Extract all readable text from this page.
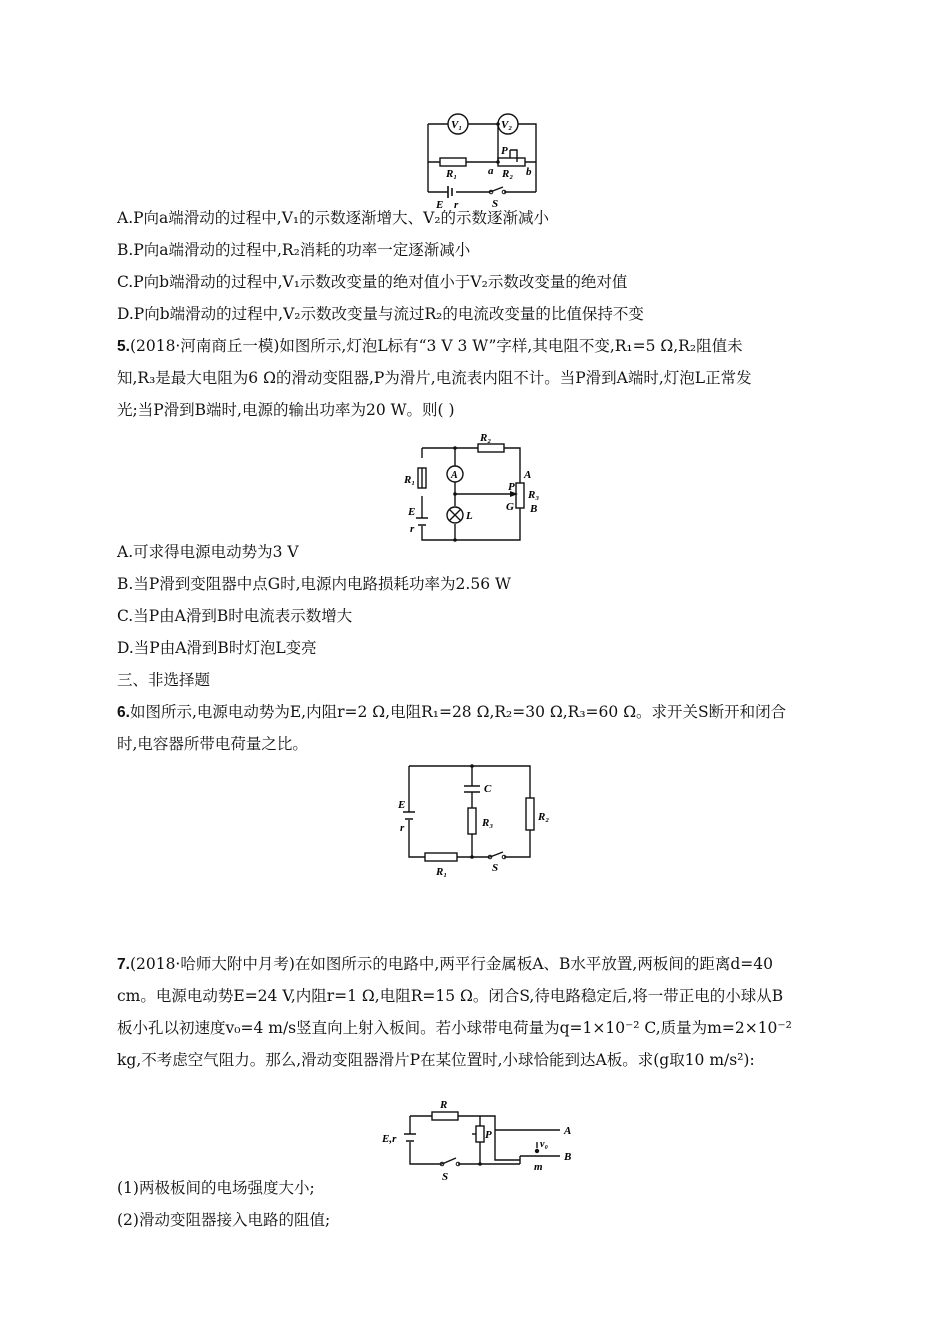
V₁	V₂
R₁	a R₂ b
P
E r	S
A.P向a端滑动的过程中,V₁的示数逐渐增大、V₂的示数逐渐减小
B.P向a端滑动的过程中,R₂消耗的功率一定逐渐减小
C.P向b端滑动的过程中,V₁示数改变量的绝对值小于V₂示数改变量的绝对值
D.P向b端滑动的过程中,V₂示数改变量与流过R₂的电流改变量的比值保持不变
5.(2018·河南商丘一模)如图所示,灯泡L标有“3 V 3 W”字样,其电阻不变,R₁=5 Ω,R₂阻值未
知,R₃是最大电阻为6 Ω的滑动变阻器,P为滑片,电流表内阻不计。当P滑到A端时,灯泡L正常发
光;当P滑到B端时,电源的输出功率为20 W。则( )
R₂
R₁	A
E
r
L
P
G
A
R₃
B
A.可求得电源电动势为3 V
B.当P滑到变阻器中点G时,电源内电路损耗功率为2.56 W
C.当P由A滑到B时电流表示数增大
D.当P由A滑到B时灯泡L变亮
三、非选择题
6.如图所示,电源电动势为E,内阻r=2 Ω,电阻R₁=28 Ω,R₂=30 Ω,R₃=60 Ω。求开关S断开和闭合
时,电容器所带电荷量之比。
E
r
C
R₃	R₂
R₁	S
7.(2018·哈师大附中月考)在如图所示的电路中,两平行金属板A、B水平放置,两板间的距离d=40
cm。电源电动势E=24 V,内阻r=1 Ω,电阻R=15 Ω。闭合S,待电路稳定后,将一带正电的小球从B
板小孔以初速度v₀=4 m/s竖直向上射入板间。若小球带电荷量为q=1×10⁻² C,质量为m=2×10⁻²
kg,不考虑空气阻力。那么,滑动变阻器滑片P在某位置时,小球恰能到达A板。求(g取10 m/s²):
R
E,r	P	A
v₀
B
m
S
(1)两极板间的电场强度大小;
(2)滑动变阻器接入电路的阻值;
